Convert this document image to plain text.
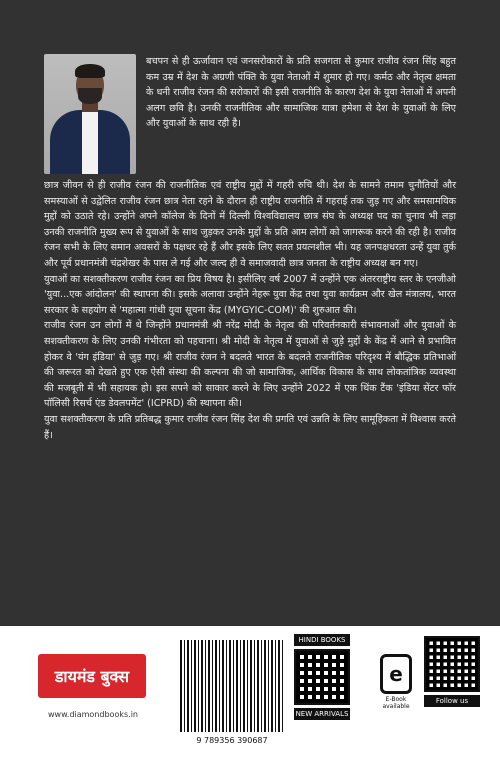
बचपन से ही ऊर्जावान एवं जनसरोकारों के प्रति सजगता से कुमार राजीव रंजन सिंह बहुत कम उम्र में देश के अग्रणी पंक्ति के युवा नेताओं में शुमार हो गए। कर्मठ और नेतृत्व क्षमता के धनी राजीव रंजन की सरोकारों की इसी राजनीति के कारण देश के युवा नेताओं में अपनी अलग छवि है। उनकी राजनीतिक और सामाजिक यात्रा हमेशा से देश के युवाओं के लिए और युवाओं के साथ रही है।
छात्र जीवन से ही राजीव रंजन की राजनीतिक एवं राष्ट्रीय मुद्दों में गहरी रुचि थी। देश के सामने तमाम चुनौतियों और समस्याओं से उद्वेलित राजीव रंजन छात्र नेता रहने के दौरान ही राष्ट्रीय राजनीति में गहराई तक जुड़ गए और समसामयिक मुद्दों को उठाते रहे। उन्होंने अपने कॉलेज के दिनों में दिल्ली विश्वविद्यालय छात्र संघ के अध्यक्ष पद का चुनाव भी लड़ा उनकी राजनीति मुख्य रूप से युवाओं के साथ जुड़कर उनके मुद्दों के प्रति आम लोगों को जागरूक करने की रही है। राजीव रंजन सभी के लिए समान अवसरों के पक्षधर रहे हैं और इसके लिए सतत प्रयत्नशील भी। यह जनपक्षधरता उन्हें युवा तुर्क और पूर्व प्रधानमंत्री चंद्रशेखर के पास ले गई और जल्द ही वे समाजवादी छात्र जनता के राष्ट्रीय अध्यक्ष बन गए।
युवाओं का सशक्तीकरण राजीव रंजन का प्रिय विषय है। इसीलिए वर्ष 2007 में उन्होंने एक अंतरराष्ट्रीय स्तर के एनजीओ 'युवा...एक आंदोलन' की स्थापना की। इसके अलावा उन्होंने नेहरू युवा केंद्र तथा युवा कार्यक्रम और खेल मंत्रालय, भारत सरकार के सहयोग से 'महात्मा गांधी युवा सूचना केंद्र (MYGYIC-COM)' की शुरुआत की।
राजीव रंजन उन लोगों में थे जिन्होंने प्रधानमंत्री श्री नरेंद्र मोदी के नेतृत्व की परिवर्तनकारी संभावनाओं और युवाओं के सशक्तीकरण के लिए उनकी गंभीरता को पहचाना। श्री मोदी के नेतृत्व में युवाओं से जुड़े मुद्दों के केंद्र में आने से प्रभावित होकर वे 'यंग इंडिया' से जुड़ गए। श्री राजीव रंजन ने बदलते भारत के बदलते राजनीतिक परिदृश्य में बौद्धिक प्रतिभाओं की जरूरत को देखते हुए एक ऐसी संस्था की कल्पना की जो सामाजिक, आर्थिक विकास के साथ लोकतांत्रिक व्यवस्था की मजबूती में भी सहायक हो। इस सपने को साकार करने के लिए उन्होंने 2022 में एक थिंक टैंक 'इंडिया सेंटर फॉर पॉलिसी रिसर्च एंड डेवलपमेंट' (ICPRD) की स्थापना की।
युवा सशक्तीकरण के प्रति प्रतिबद्ध कुमार राजीव रंजन सिंह देश की प्रगति एवं उन्नति के लिए सामूहिकता में विश्वास करते हैं।
डायमंड बुक्स
www.diamondbooks.in
9 789356 390687
HINDI BOOKS
NEW ARRIVALS
e
E-Book available
Follow us
